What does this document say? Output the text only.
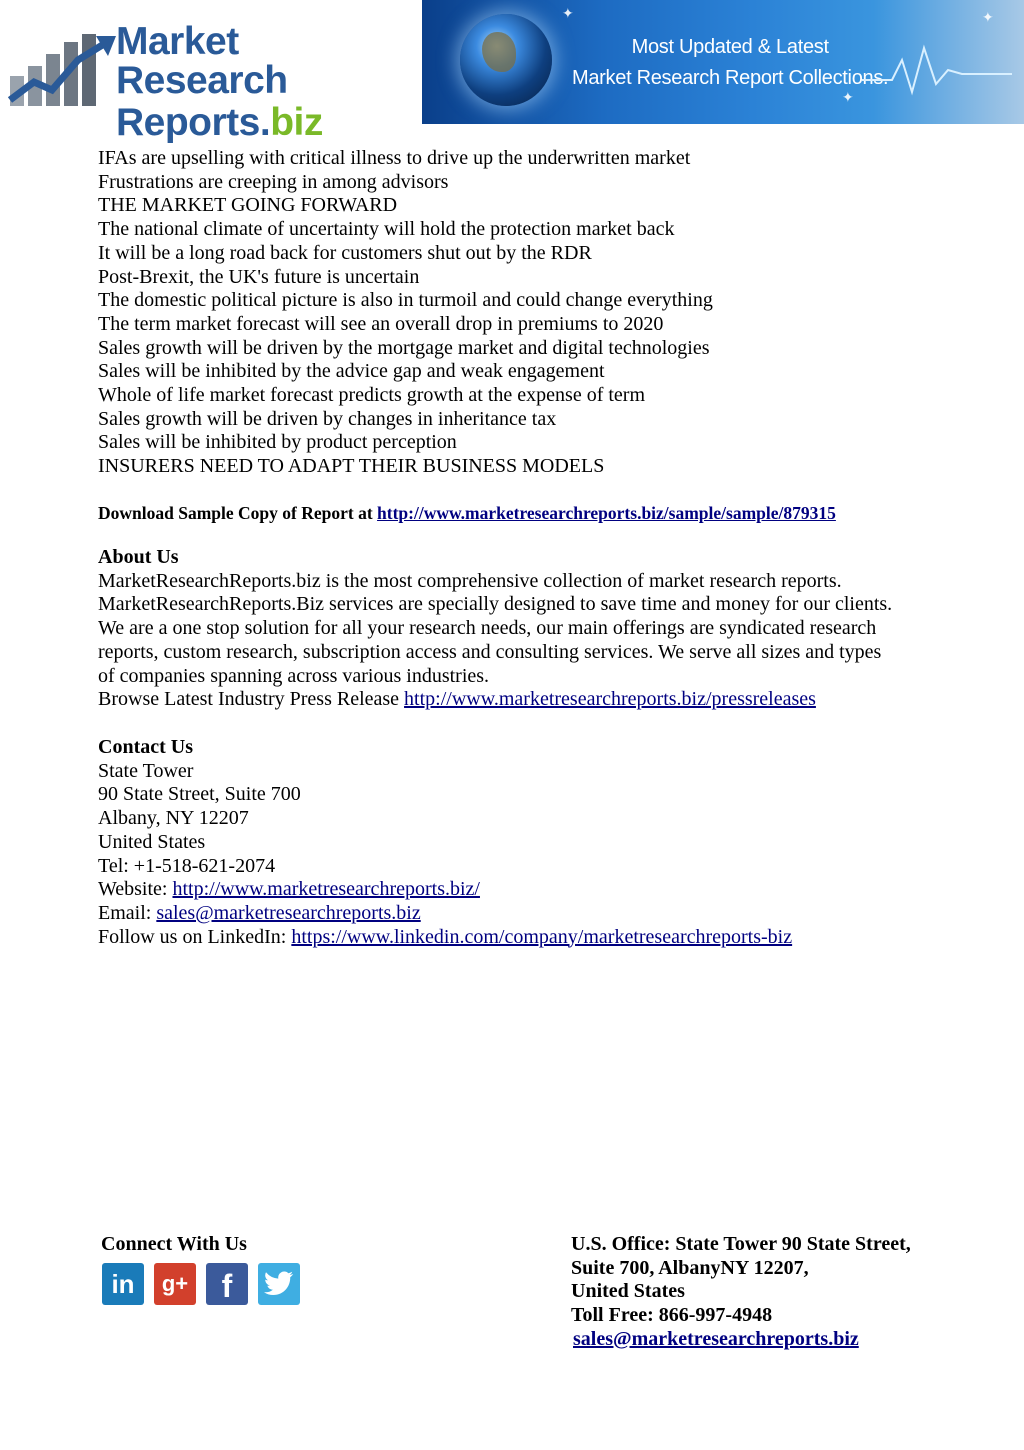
Market Research
Reports.biz
✦	✦
✦
Most Updated & Latest
Market Research Report Collections.
IFAs are upselling with critical illness to drive up the underwritten market
Frustrations are creeping in among advisors
THE MARKET GOING FORWARD
The national climate of uncertainty will hold the protection market back
It will be a long road back for customers shut out by the RDR
Post-Brexit, the UK's future is uncertain
The domestic political picture is also in turmoil and could change everything
The term market forecast will see an overall drop in premiums to 2020
Sales growth will be driven by the mortgage market and digital technologies
Sales will be inhibited by the advice gap and weak engagement
Whole of life market forecast predicts growth at the expense of term
Sales growth will be driven by changes in inheritance tax
Sales will be inhibited by product perception
INSURERS NEED TO ADAPT THEIR BUSINESS MODELS
Download Sample Copy of Report at http://www.marketresearchreports.biz/sample/sample/879315
About Us
MarketResearchReports.biz is the most comprehensive collection of market research reports.
MarketResearchReports.Biz services are specially designed to save time and money for our clients.
We are a one stop solution for all your research needs, our main offerings are syndicated research
reports, custom research, subscription access and consulting services. We serve all sizes and types
of companies spanning across various industries.
Browse Latest Industry Press Release http://www.marketresearchreports.biz/pressreleases
Contact Us
State Tower
90 State Street, Suite 700
Albany, NY 12207
United States
Tel: +1-518-621-2074
Website: http://www.marketresearchreports.biz/
Email: sales@marketresearchreports.biz
Follow us on LinkedIn: https://www.linkedin.com/company/marketresearchreports-biz
Connect With Us
in	g+	f
U.S. Office: State Tower 90 State Street,
Suite 700, AlbanyNY 12207,
United States
Toll Free: 866-997-4948
sales@marketresearchreports.biz
